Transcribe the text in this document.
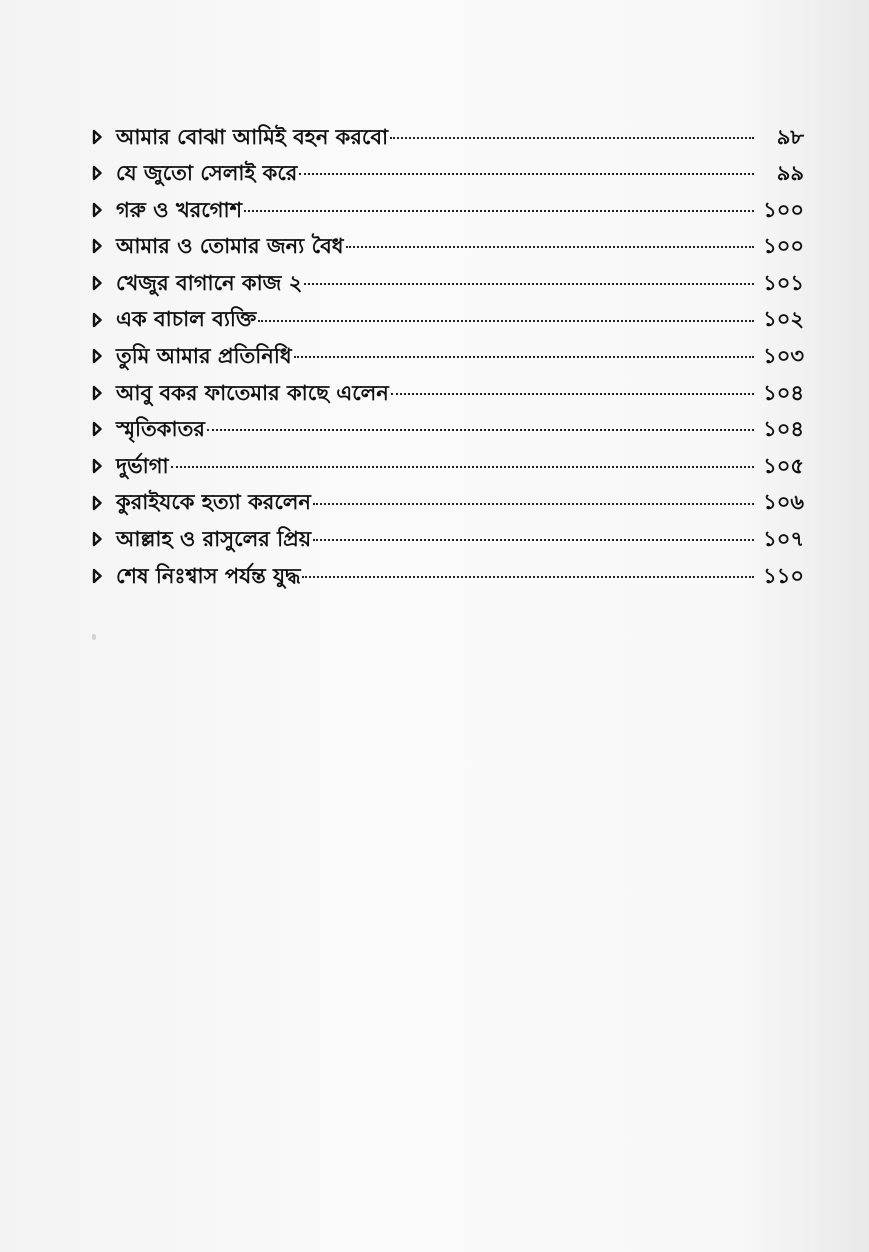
আমার বোঝা আমিই বহন করবো	৯৮
যে জুতো সেলাই করে	৯৯
গরু ও খরগোশ	১০০
আমার ও তোমার জন্য বৈধ	১০০
খেজুর বাগানে কাজ ২	১০১
এক বাচাল ব্যক্তি	১০২
তুমি আমার প্রতিনিধি	১০৩
আবু বকর ফাতেমার কাছে এলেন	১০৪
স্মৃতিকাতর	১০৪
দুর্ভাগা	১০৫
কুরাইযকে হত্যা করলেন	১০৬
আল্লাহ ও রাসুলের প্রিয়	১০৭
শেষ নিঃশ্বাস পর্যন্ত যুদ্ধ	১১০
